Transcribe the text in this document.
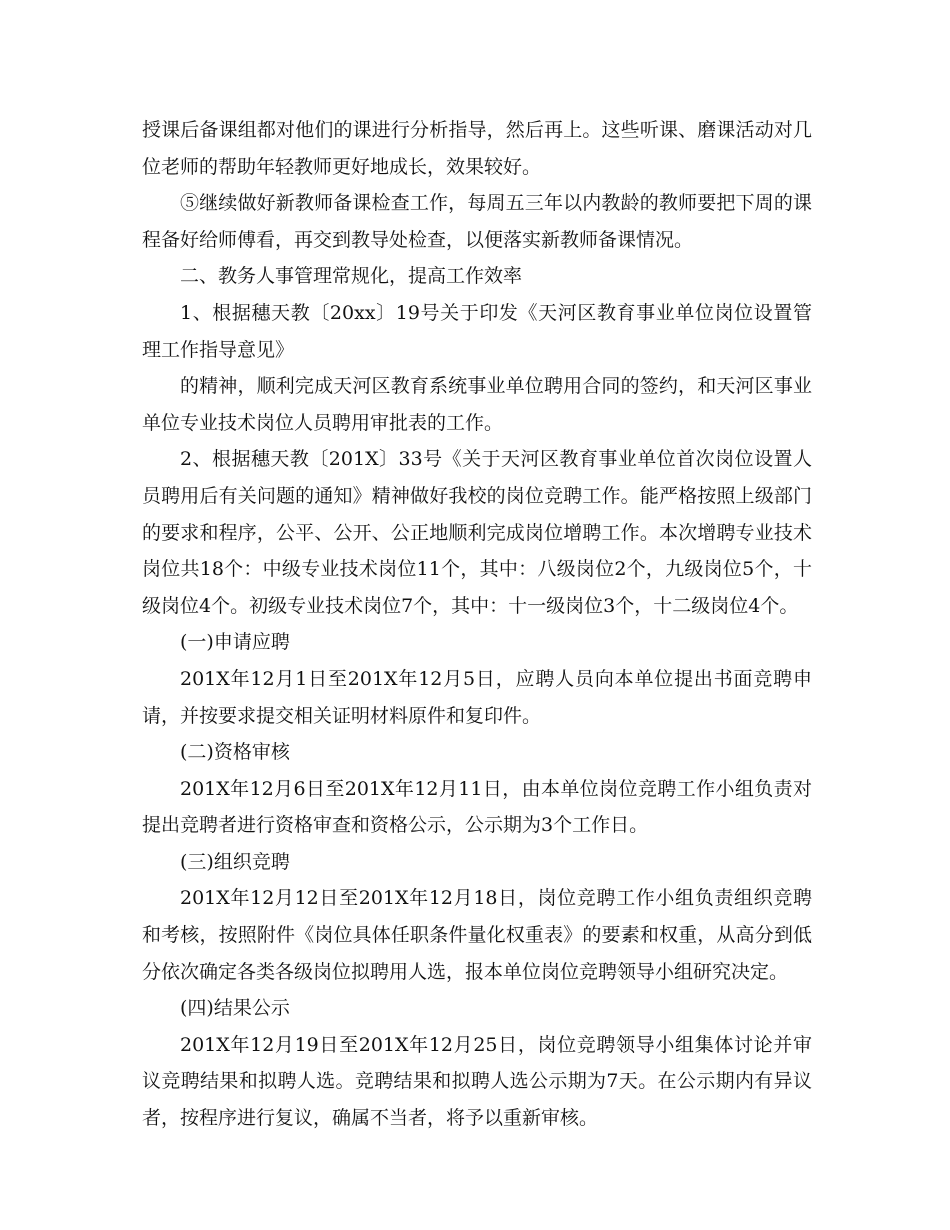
授课后备课组都对他们的课进行分析指导，然后再上。这些听课、磨课活动对几位老师的帮助年轻教师更好地成长，效果较好。

⑤继续做好新教师备课检查工作，每周五三年以内教龄的教师要把下周的课程备好给师傅看，再交到教导处检查，以便落实新教师备课情况。

二、教务人事管理常规化，提高工作效率

1、根据穗天教〔20xx〕19号关于印发《天河区教育事业单位岗位设置管理工作指导意见》

的精神，顺利完成天河区教育系统事业单位聘用合同的签约，和天河区事业单位专业技术岗位人员聘用审批表的工作。

2、根据穗天教〔201X〕33号《关于天河区教育事业单位首次岗位设置人员聘用后有关问题的通知》精神做好我校的岗位竞聘工作。能严格按照上级部门的要求和程序，公平、公开、公正地顺利完成岗位增聘工作。本次增聘专业技术岗位共18个：中级专业技术岗位11个，其中：八级岗位2个，九级岗位5个，十级岗位4个。初级专业技术岗位7个，其中：十一级岗位3个，十二级岗位4个。

(一)申请应聘

201X年12月1日至201X年12月5日，应聘人员向本单位提出书面竞聘申请，并按要求提交相关证明材料原件和复印件。

(二)资格审核

201X年12月6日至201X年12月11日，由本单位岗位竞聘工作小组负责对提出竞聘者进行资格审查和资格公示，公示期为3个工作日。

(三)组织竞聘

201X年12月12日至201X年12月18日，岗位竞聘工作小组负责组织竞聘和考核，按照附件《岗位具体任职条件量化权重表》的要素和权重，从高分到低分依次确定各类各级岗位拟聘用人选，报本单位岗位竞聘领导小组研究决定。

(四)结果公示

201X年12月19日至201X年12月25日，岗位竞聘领导小组集体讨论并审议竞聘结果和拟聘人选。竞聘结果和拟聘人选公示期为7天。在公示期内有异议者，按程序进行复议，确属不当者，将予以重新审核。
